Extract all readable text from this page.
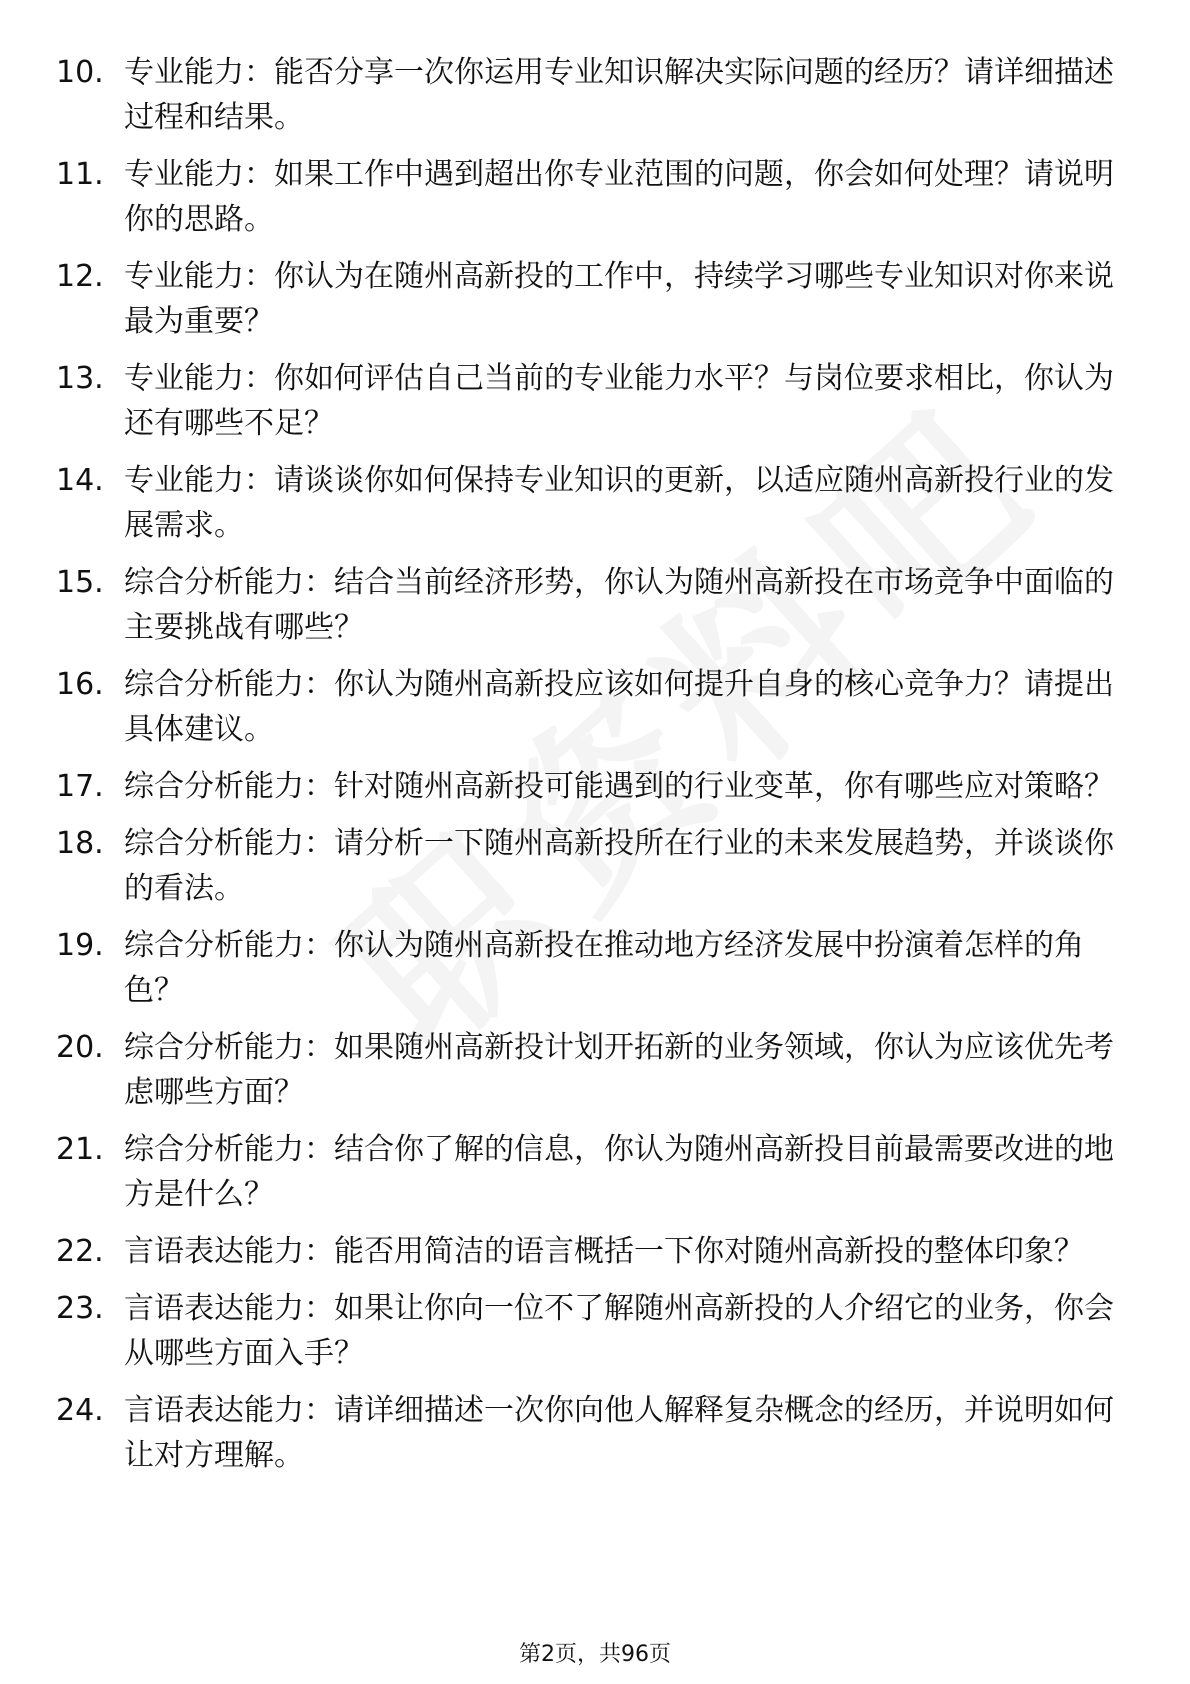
10. 专业能力：能否分享一次你运用专业知识解决实际问题的经历？请详细描述过程和结果。
11. 专业能力：如果工作中遇到超出你专业范围的问题，你会如何处理？请说明你的思路。
12. 专业能力：你认为在随州高新投的工作中，持续学习哪些专业知识对你来说最为重要？
13. 专业能力：你如何评估自己当前的专业能力水平？与岗位要求相比，你认为还有哪些不足？
14. 专业能力：请谈谈你如何保持专业知识的更新，以适应随州高新投行业的发展需求。
15. 综合分析能力：结合当前经济形势，你认为随州高新投在市场竞争中面临的主要挑战有哪些？
16. 综合分析能力：你认为随州高新投应该如何提升自身的核心竞争力？请提出具体建议。
17. 综合分析能力：针对随州高新投可能遇到的行业变革，你有哪些应对策略？
18. 综合分析能力：请分析一下随州高新投所在行业的未来发展趋势，并谈谈你的看法。
19. 综合分析能力：你认为随州高新投在推动地方经济发展中扮演着怎样的角色？
20. 综合分析能力：如果随州高新投计划开拓新的业务领域，你认为应该优先考虑哪些方面？
21. 综合分析能力：结合你了解的信息，你认为随州高新投目前最需要改进的地方是什么？
22. 言语表达能力：能否用简洁的语言概括一下你对随州高新投的整体印象？
23. 言语表达能力：如果让你向一位不了解随州高新投的人介绍它的业务，你会从哪些方面入手？
24. 言语表达能力：请详细描述一次你向他人解释复杂概念的经历，并说明如何让对方理解。
第2页，共96页
